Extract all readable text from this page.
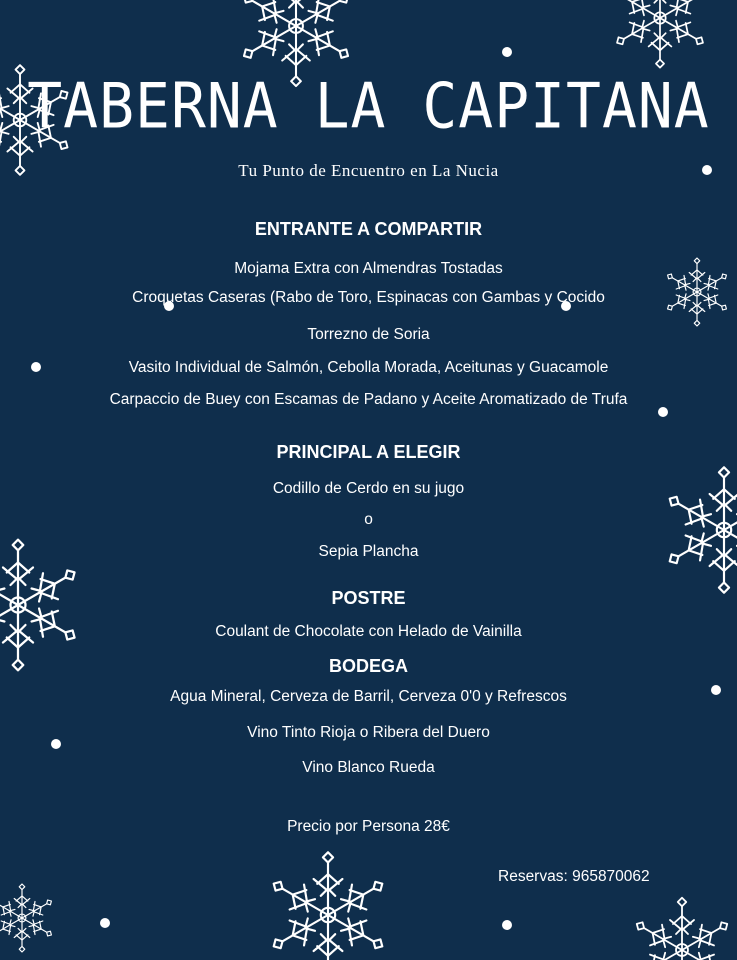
TABERNA LA CAPITANA
Tu Punto de Encuentro en La Nucia
ENTRANTE A COMPARTIR
Mojama Extra con Almendras Tostadas
Croquetas Caseras (Rabo de Toro, Espinacas con Gambas y Cocido
Torrezno de Soria
Vasito Individual de Salmón, Cebolla Morada, Aceitunas y Guacamole
Carpaccio de Buey con Escamas de Padano y Aceite Aromatizado de Trufa
PRINCIPAL A ELEGIR
Codillo de Cerdo en su jugo
o
Sepia Plancha
POSTRE
Coulant de Chocolate con Helado de Vainilla
BODEGA
Agua Mineral, Cerveza de Barril, Cerveza 0'0 y Refrescos
Vino Tinto Rioja o Ribera del Duero
Vino Blanco Rueda
Precio por Persona 28€
Reservas: 965870062
